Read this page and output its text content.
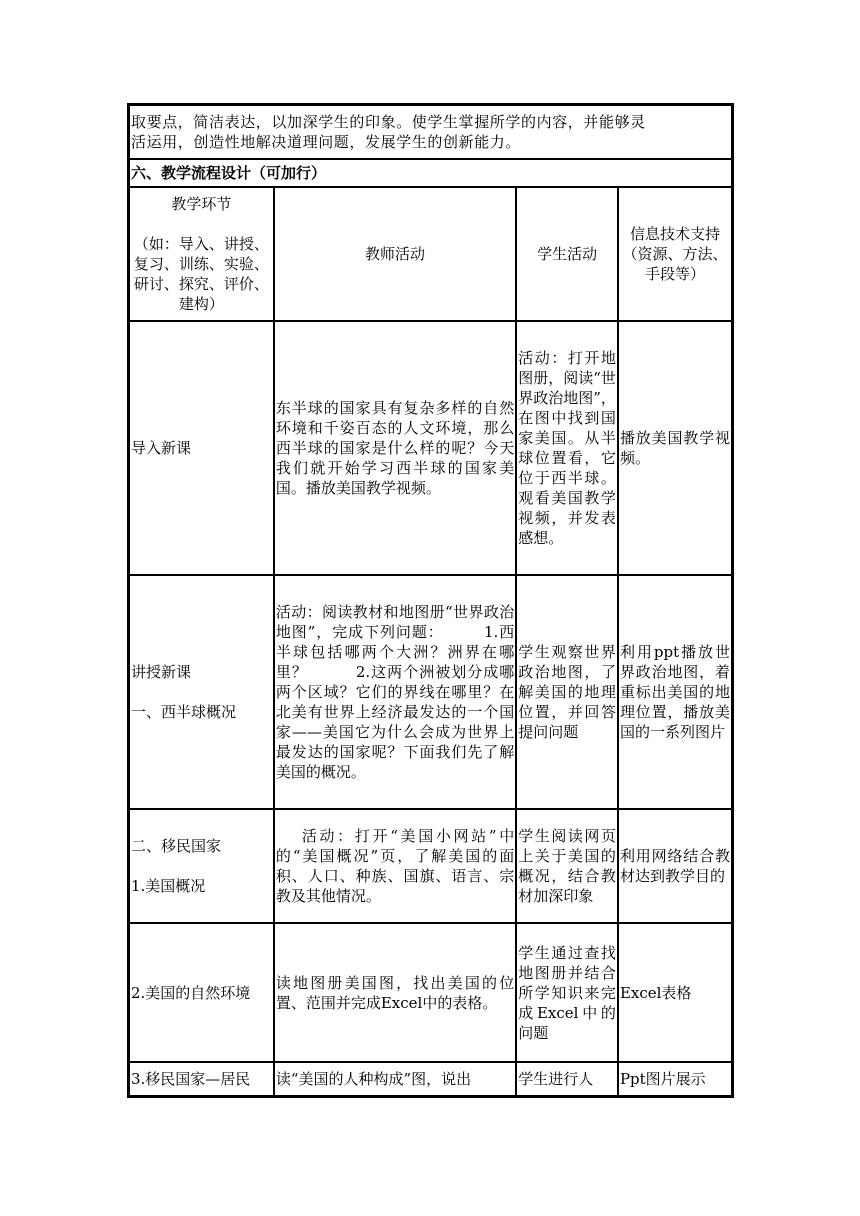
取要点，简洁表达，以加深学生的印象。使学生掌握所学的内容，并能够灵
活运用，创造性地解决道理问题，发展学生的创新能力。			

六、教学流程设计（可加行）			

教学环节
（如：导入、讲授、复习、训练、实验、研讨、探究、评价、建构）	教师活动	学生活动	信息技术支持（资源、方法、手段等）

导入新课	东半球的国家具有复杂多样的自然环境和千姿百态的人文环境，那么西半球的国家是什么样的呢？今天我们就开始学习西半球的国家美国。播放美国教学视频。	活动：打开地图册，阅读“世界政治地图”，在图中找到国家美国。从半球位置看，它位于西半球。观看美国教学视频，并发表感想。	播放美国教学视频。

讲授新课
一、西半球概况	活动：阅读教材和地图册“世界政治地图”，完成下列问题：　　　1.西半球包括哪两个大洲？洲界在哪里？　　　2.这两个洲被划分成哪两个区域？它们的界线在哪里？在北美有世界上经济最发达的一个国家——美国它为什么会成为世界上最发达的国家呢？下面我们先了解美国的概况。	学生观察世界政治地图，了解美国的地理位置，并回答提问问题	利用ppt播放世界政治地图，着重标出美国的地理位置，播放美国的一系列图片

二、移民国家
1.美国概况	活动：打开“美国小网站”中的“美国概况”页，了解美国的面积、人口、种族、国旗、语言、宗教及其他情况。	学生阅读网页上关于美国的概况，结合教材加深印象	利用网络结合教材达到教学目的

2.美国的自然环境	读地图册美国图，找出美国的位置、范围并完成Excel中的表格。	学生通过查找地图册并结合所学知识来完成Excel中的问题	Excel表格

3.移民国家—居民	读“美国的人种构成”图，说出	学生进行人	Ppt图片展示
